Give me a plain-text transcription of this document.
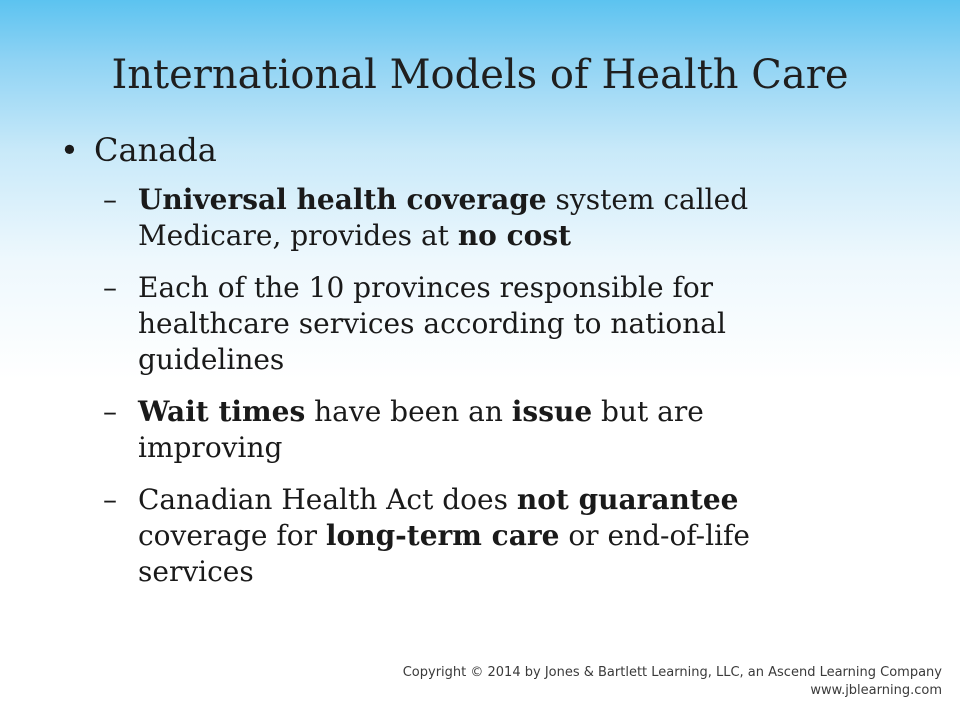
International Models of Health Care
• Canada
– Universal health coverage system called Medicare, provides at no cost
– Each of the 10 provinces responsible for healthcare services according to national guidelines
– Wait times have been an issue but are improving
– Canadian Health Act does not guarantee coverage for long-term care or end-of-life services
Copyright © 2014 by Jones & Bartlett Learning, LLC, an Ascend Learning Company
www.jblearning.com
